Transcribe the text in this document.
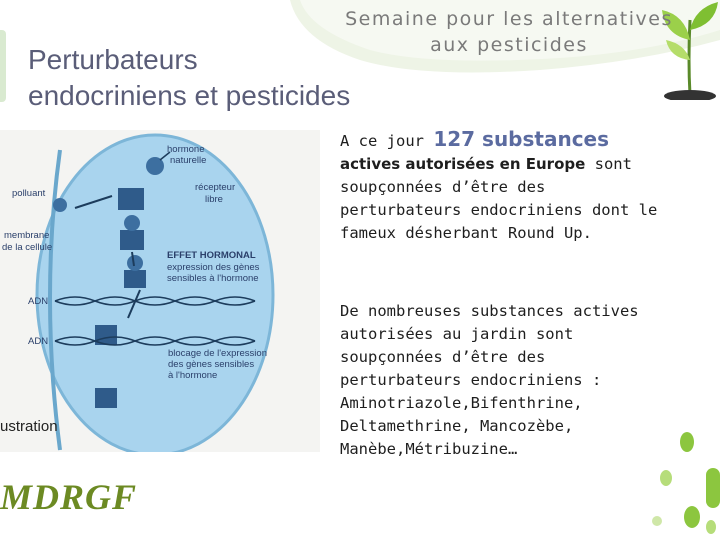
Semaine pour les alternatives
aux pesticides
Perturbateurs
endocriniens et pesticides
hormone
naturelle
polluant
récepteur
libre
membrane
de la cellule
EFFET HORMONAL
expression des gènes
sensibles à l'hormone
ADN
ADN
blocage de l'expression
des gènes sensibles
à l'hormone
ustration
MDRGF

A ce jour 127 substances
actives autorisées en Europe sont
soupçonnées d’être des
perturbateurs endocriniens dont le
fameux désherbant Round Up.

De nombreuses substances actives
autorisées au jardin sont
soupçonnées d’être des
perturbateurs endocriniens :
Aminotriazole,Bifenthrine,
Deltamethrine, Mancozèbe,
Manèbe,Métribuzine…
